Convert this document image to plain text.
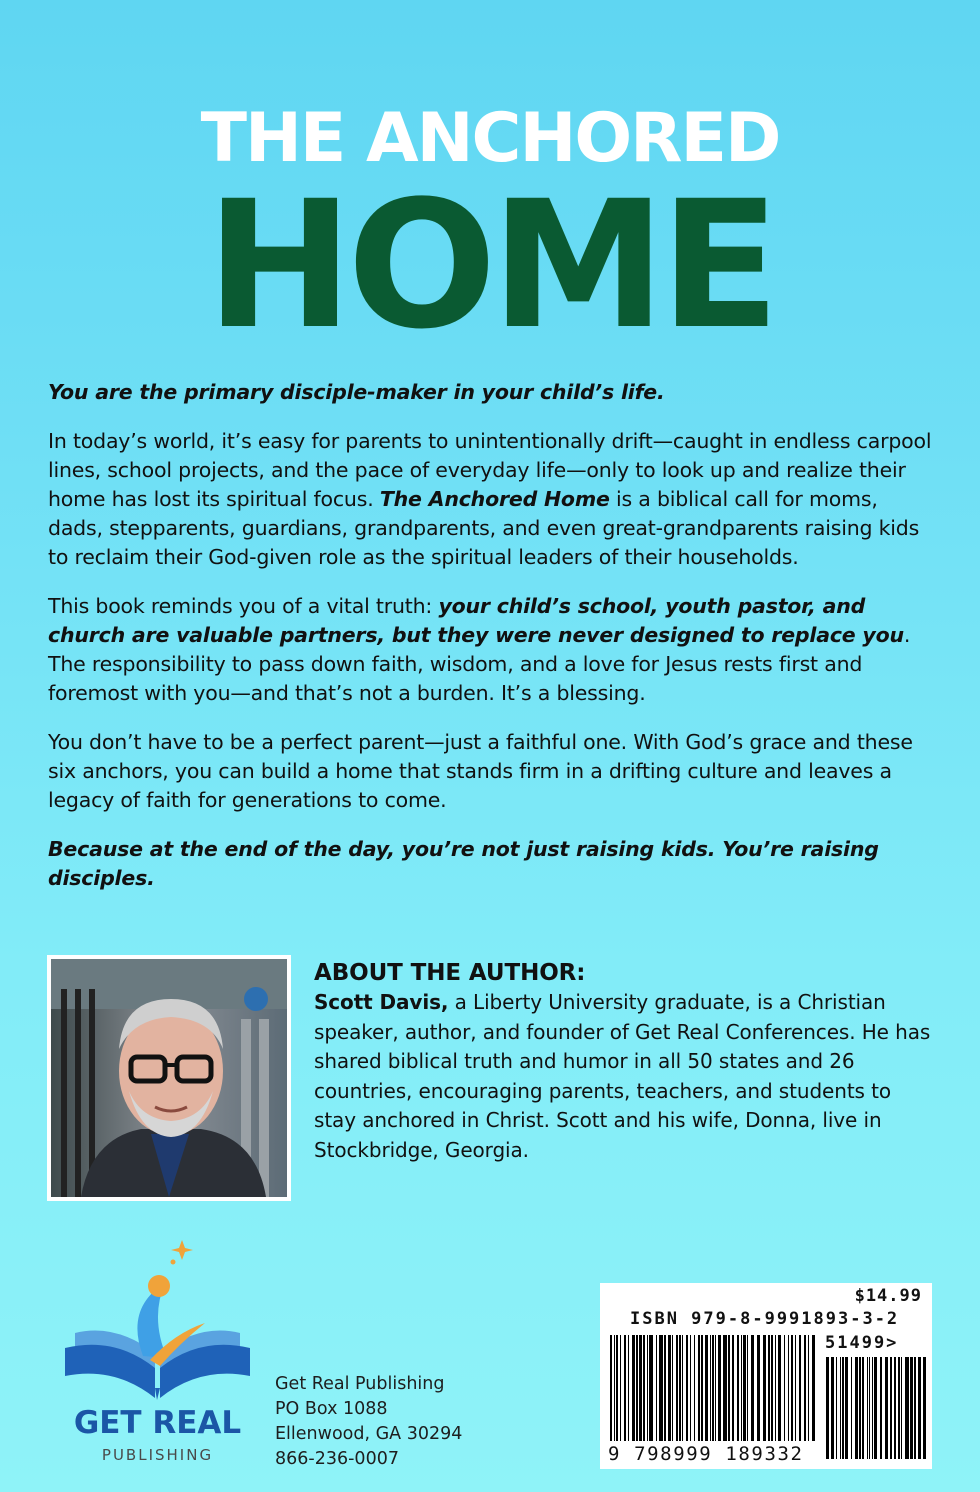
THE ANCHORED
HOME

You are the primary disciple-maker in your child’s life.

In today’s world, it’s easy for parents to unintentionally drift—caught in endless carpool lines, school projects, and the pace of everyday life—only to look up and realize their home has lost its spiritual focus. The Anchored Home is a biblical call for moms, dads, stepparents, guardians, grandparents, and even great-grandparents raising kids to reclaim their God-given role as the spiritual leaders of their households.

This book reminds you of a vital truth: your child’s school, youth pastor, and church are valuable partners, but they were never designed to replace you. The responsibility to pass down faith, wisdom, and a love for Jesus rests first and foremost with you—and that’s not a burden. It’s a blessing.

You don’t have to be a perfect parent—just a faithful one. With God’s grace and these six anchors, you can build a home that stands firm in a drifting culture and leaves a legacy of faith for generations to come.

Because at the end of the day, you’re not just raising kids. You’re raising disciples.

ABOUT THE AUTHOR:
Scott Davis, a Liberty University graduate, is a Christian speaker, author, and founder of Get Real Conferences. He has shared biblical truth and humor in all 50 states and 26 countries, encouraging parents, teachers, and students to stay anchored in Christ. Scott and his wife, Donna, live in Stockbridge, Georgia.
GET REAL
PUBLISHING
Get Real Publishing
PO Box 1088
Ellenwood, GA 30294
866-236-0007
$14.99
ISBN 979-8-9991893-3-2
51499>
9 798999 189332
